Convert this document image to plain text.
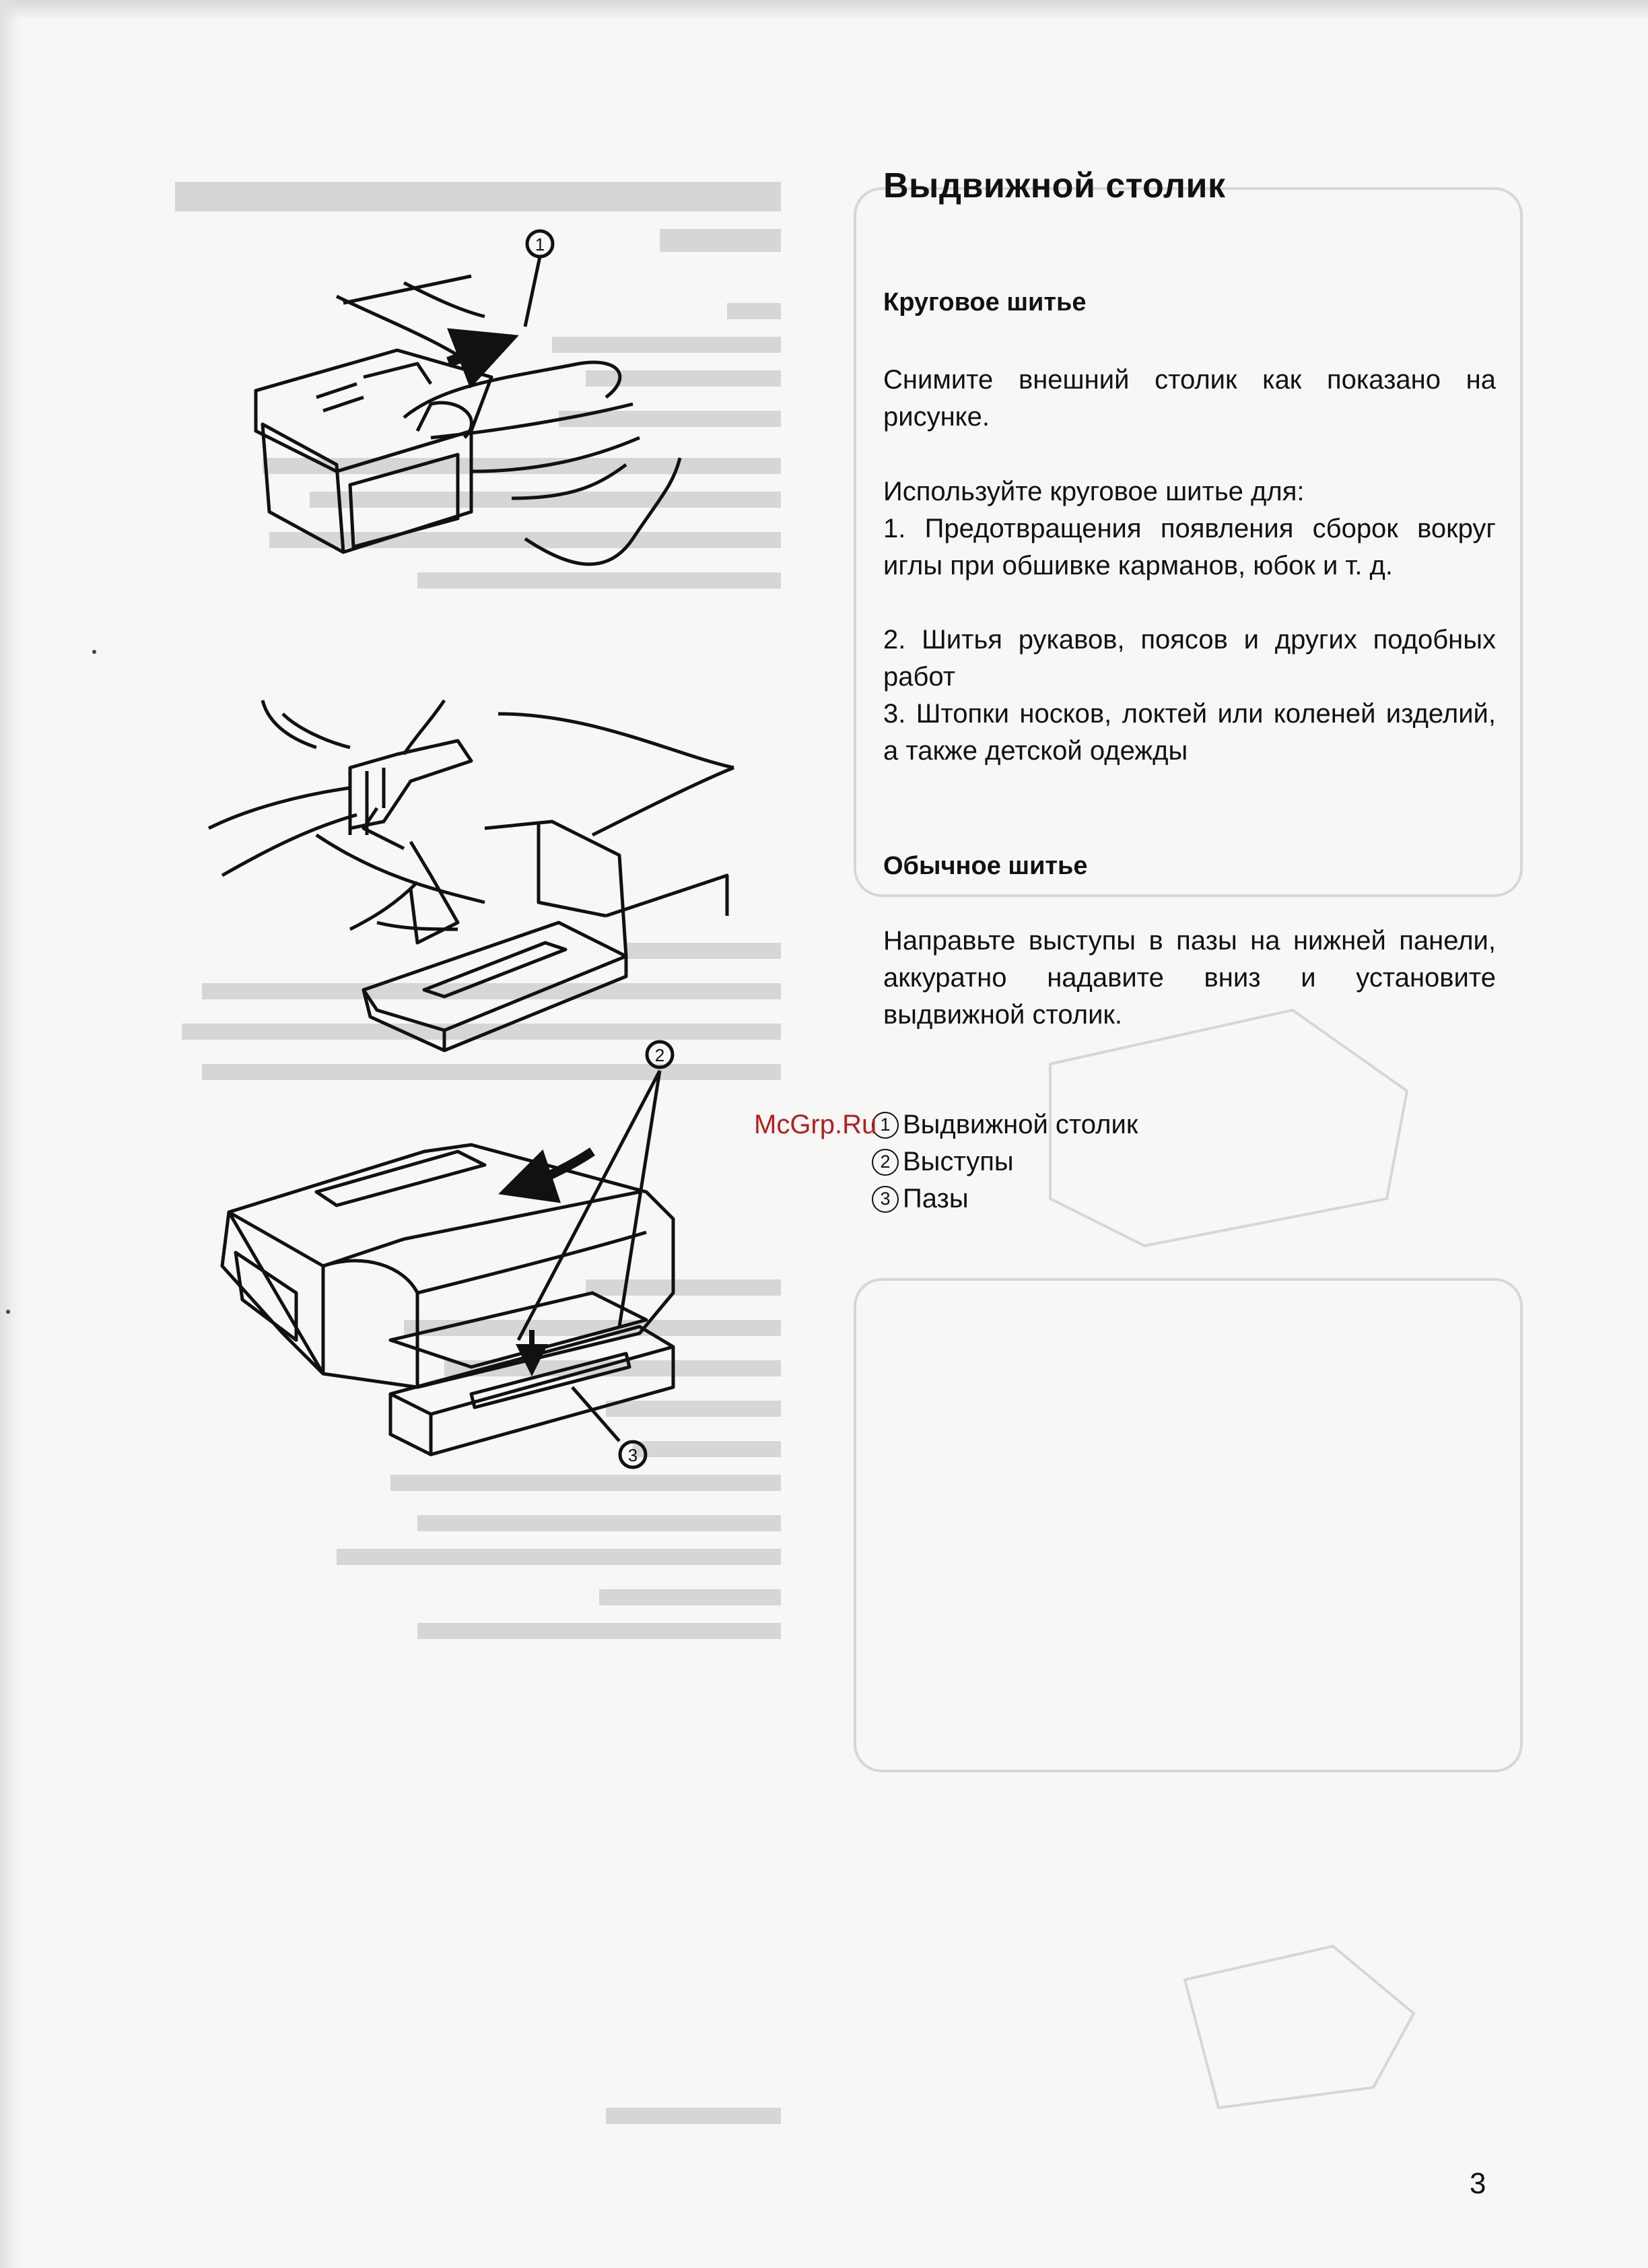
1
2
3
Выдвижной столик
Круговое шитье

Снимите внешний столик как показано на рисунке.

Используйте круговое шитье для:

1. Предотвращения появления сборок вокруг иглы при обшивке карманов, юбок и т. д.

2. Шитья рукавов, поясов и других подобных работ

3. Штопки носков, локтей или коленей изделий, а также детской одежды

Обычное шитье

Направьте выступы в пазы на нижней панели, аккуратно надавите вниз и установите выдвижной столик.

1 Выдвижной столик
2 Выступы
3 Пазы
McGrp.Ru
3
